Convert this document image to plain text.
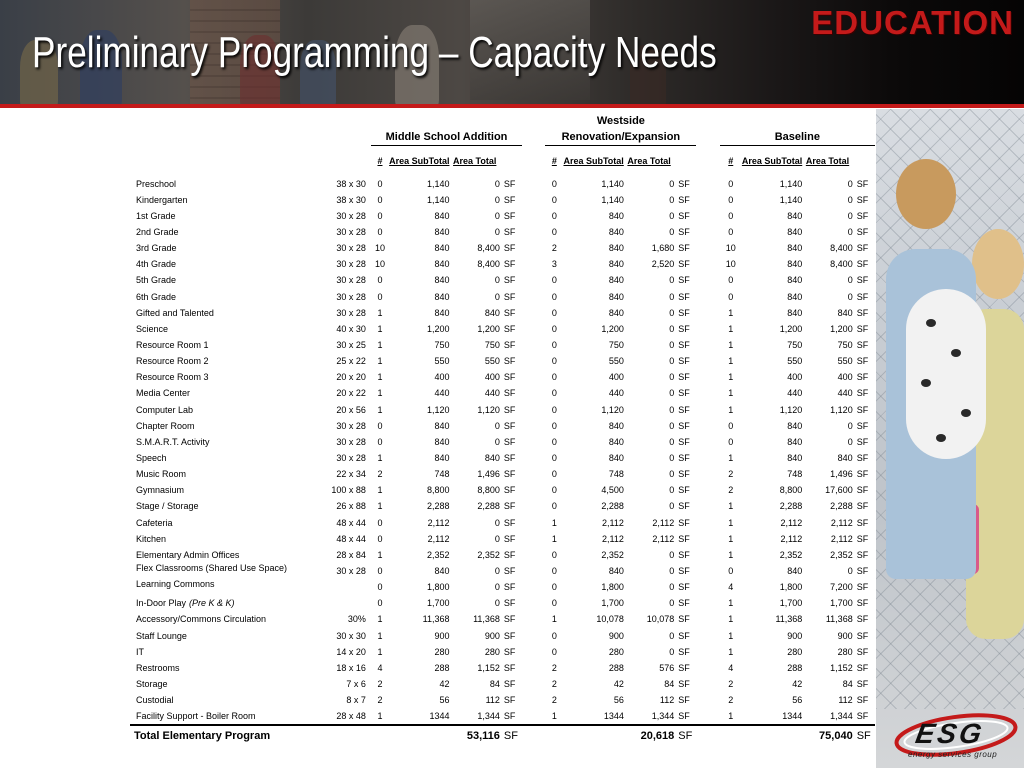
EDUCATION
Preliminary Programming – Capacity Needs
								Westside								
			Middle School Addition					Renovation/Expansion					Baseline			

			#	Area SubTotal	Area Total			#	Area SubTotal	Area Total			#	Area SubTotal	Area Total	

Preschool	38 x 30		0	1,140	0	SF		0	1,140	0	SF		0	1,140	0	SF
Kindergarten	38 x 30		0	1,140	0	SF		0	1,140	0	SF		0	1,140	0	SF
1st Grade	30 x 28		0	840	0	SF		0	840	0	SF		0	840	0	SF
2nd Grade	30 x 28		0	840	0	SF		0	840	0	SF		0	840	0	SF
3rd Grade	30 x 28		10	840	8,400	SF		2	840	1,680	SF		10	840	8,400	SF
4th Grade	30 x 28		10	840	8,400	SF		3	840	2,520	SF		10	840	8,400	SF
5th Grade	30 x 28		0	840	0	SF		0	840	0	SF		0	840	0	SF
6th Grade	30 x 28		0	840	0	SF		0	840	0	SF		0	840	0	SF
Gifted and Talented	30 x 28		1	840	840	SF		0	840	0	SF		1	840	840	SF
Science	40 x 30		1	1,200	1,200	SF		0	1,200	0	SF		1	1,200	1,200	SF
Resource Room 1	30 x 25		1	750	750	SF		0	750	0	SF		1	750	750	SF
Resource Room 2	25 x 22		1	550	550	SF		0	550	0	SF		1	550	550	SF
Resource Room 3	20 x 20		1	400	400	SF		0	400	0	SF		1	400	400	SF
Media Center	20 x 22		1	440	440	SF		0	440	0	SF		1	440	440	SF
Computer Lab	20 x 56		1	1,120	1,120	SF		0	1,120	0	SF		1	1,120	1,120	SF
Chapter Room	30 x 28		0	840	0	SF		0	840	0	SF		0	840	0	SF
S.M.A.R.T. Activity	30 x 28		0	840	0	SF		0	840	0	SF		0	840	0	SF
Speech	30 x 28		1	840	840	SF		0	840	0	SF		1	840	840	SF
Music Room	22 x 34		2	748	1,496	SF		0	748	0	SF		2	748	1,496	SF
Gymnasium	100 x 88		1	8,800	8,800	SF		0	4,500	0	SF		2	8,800	17,600	SF
Stage / Storage	26 x 88		1	2,288	2,288	SF		0	2,288	0	SF		1	2,288	2,288	SF
Cafeteria	48 x 44		0	2,112	0	SF		1	2,112	2,112	SF		1	2,112	2,112	SF
Kitchen	48 x 44		0	2,112	0	SF		1	2,112	2,112	SF		1	2,112	2,112	SF
Elementary Admin Offices	28 x 84		1	2,352	2,352	SF		0	2,352	0	SF		1	2,352	2,352	SF
Flex Classrooms (Shared Use Space)	30 x 28		0	840	0	SF		0	840	0	SF		0	840	0	SF
Learning Commons			0	1,800	0	SF		0	1,800	0	SF		4	1,800	7,200	SF
In-Door Play (Pre K & K)			0	1,700	0	SF		0	1,700	0	SF		1	1,700	1,700	SF
Accessory/Commons Circulation	30%		1	11,368	11,368	SF		1	10,078	10,078	SF		1	11,368	11,368	SF
Staff Lounge	30 x 30		1	900	900	SF		0	900	0	SF		1	900	900	SF
IT	14 x 20		1	280	280	SF		0	280	0	SF		1	280	280	SF
Restrooms	18 x 16		4	288	1,152	SF		2	288	576	SF		4	288	1,152	SF
Storage	7 x 6		2	42	84	SF		2	42	84	SF		2	42	84	SF
Custodial	8 x 7		2	56	112	SF		2	56	112	SF		2	56	112	SF
Facility Support - Boiler Room	28 x 48		1	1344	1,344	SF		1	1344	1,344	SF		1	1344	1,344	SF
Total Elementary Program					53,116	SF				20,618	SF				75,040	SF ESG
energy services group
